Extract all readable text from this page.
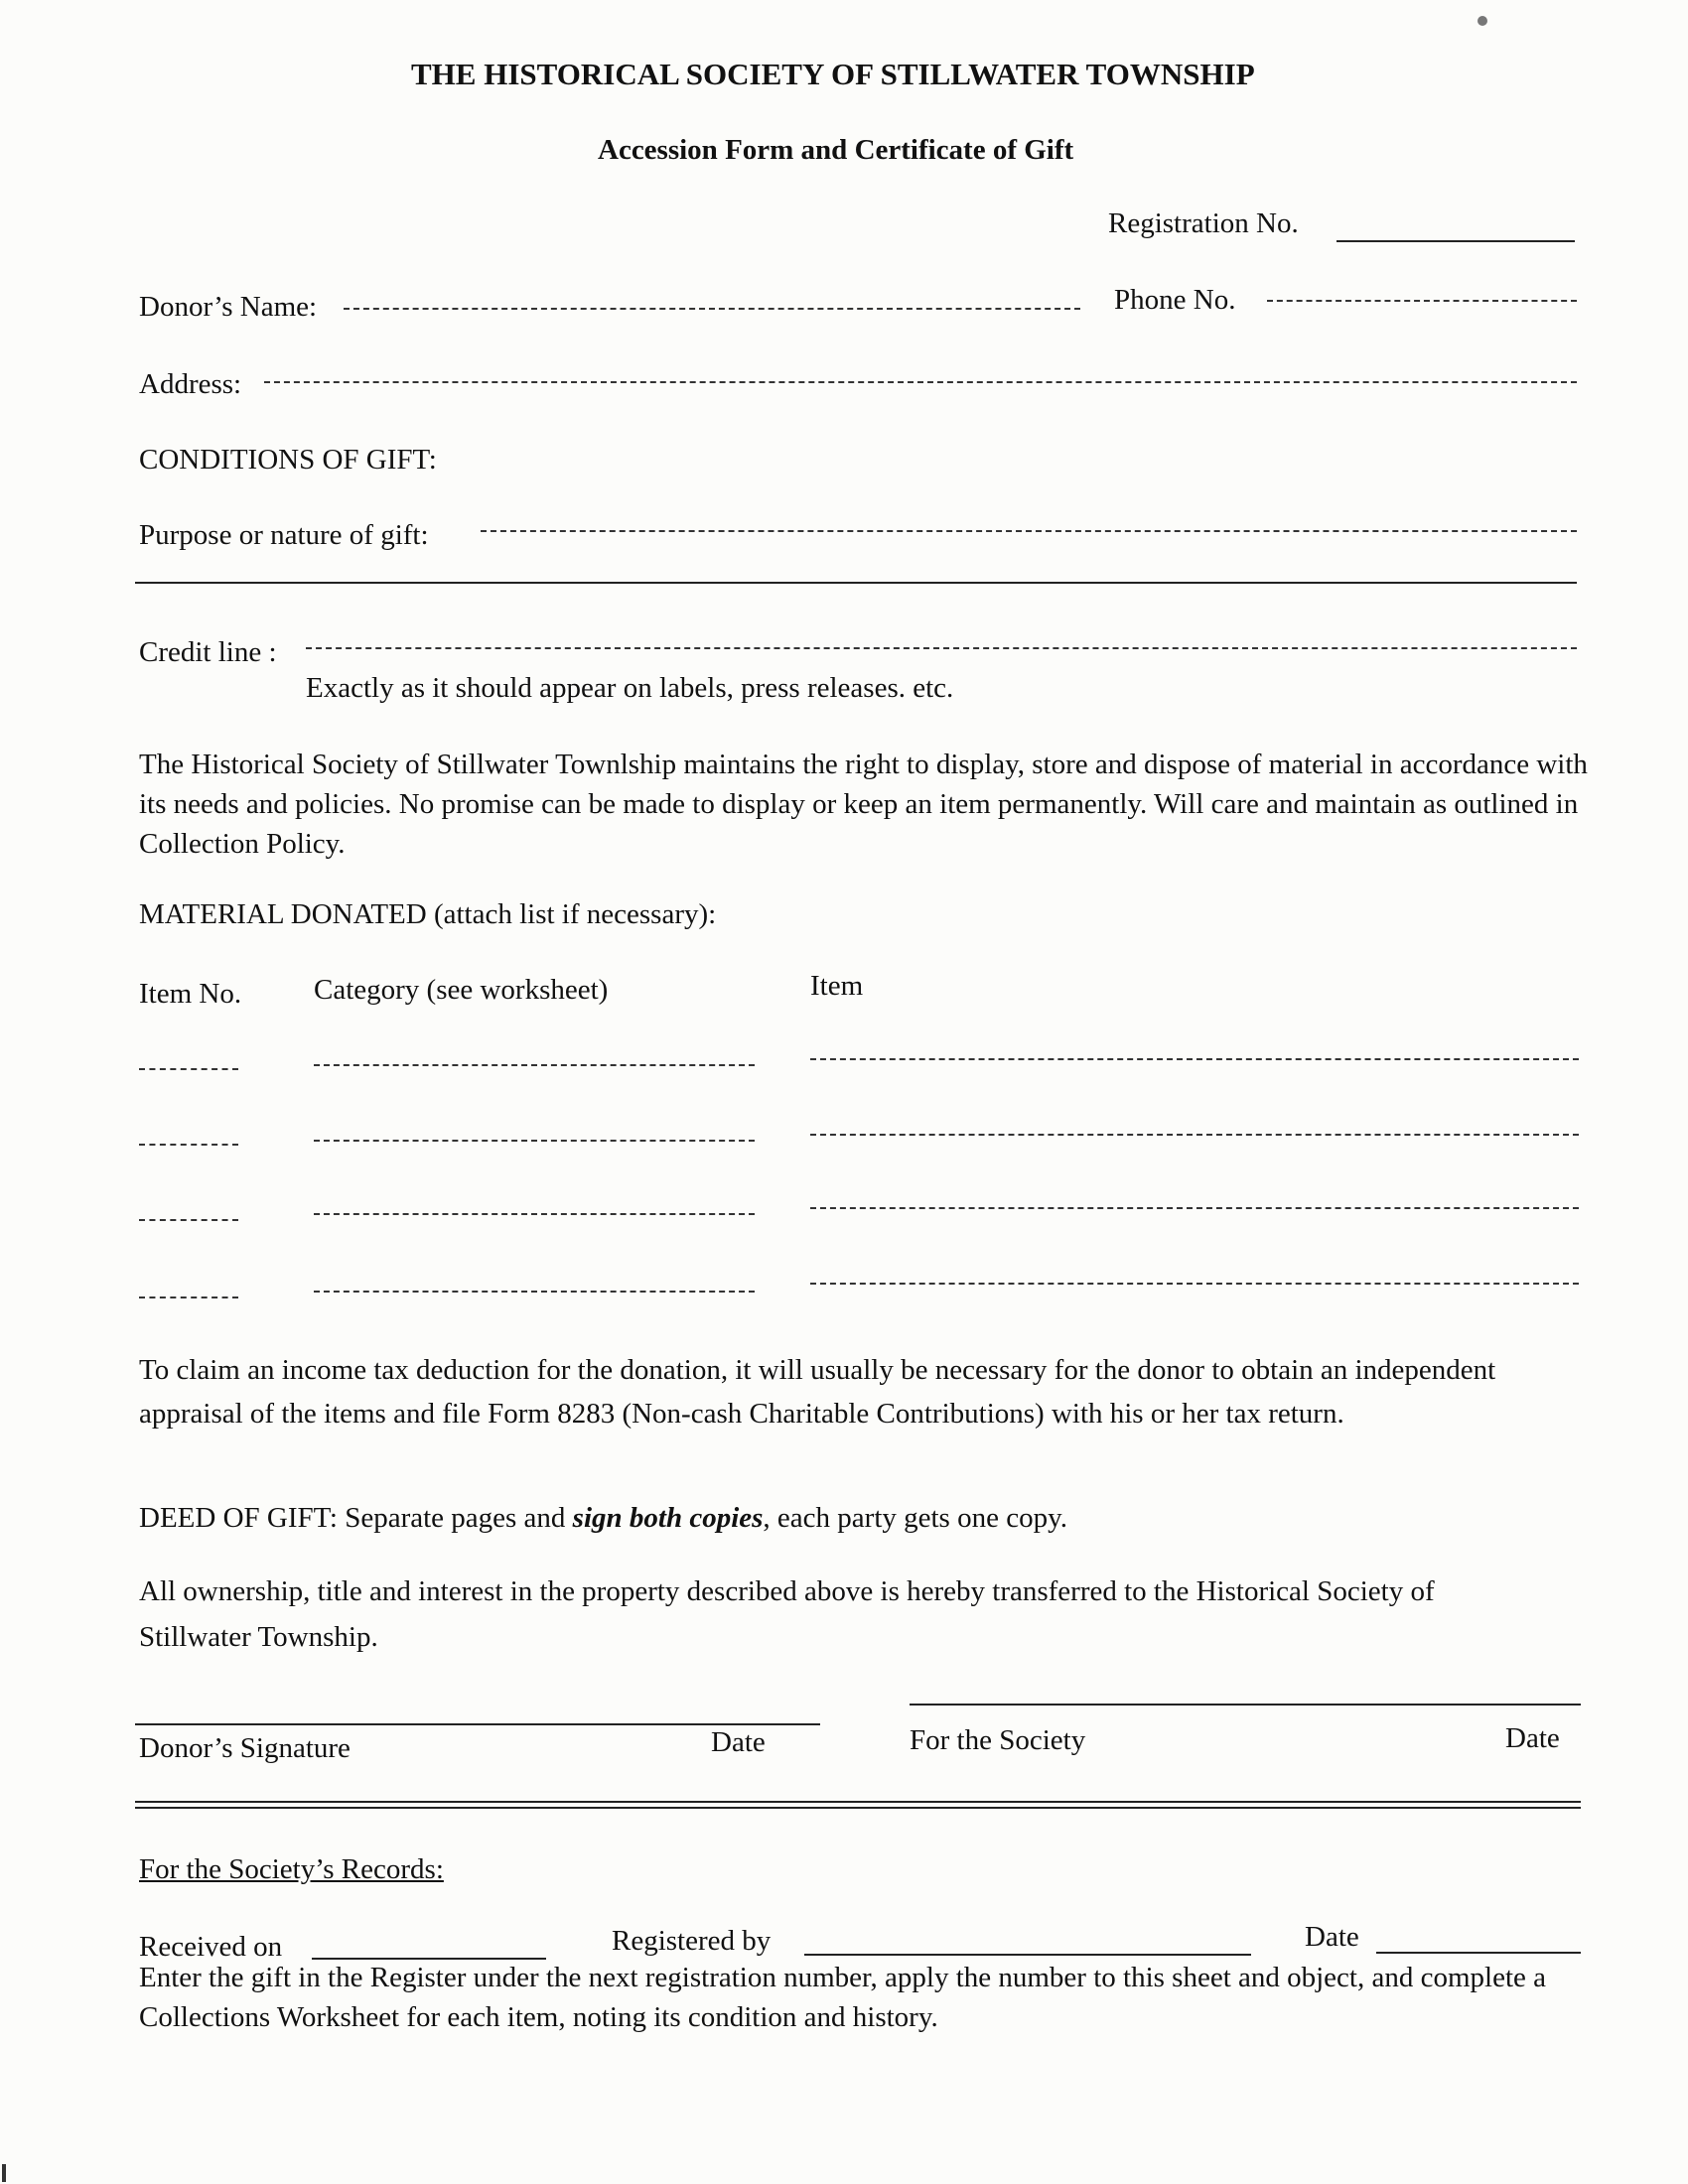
THE HISTORICAL SOCIETY OF STILLWATER TOWNSHIP
Accession Form and Certificate of Gift
Registration No.
Donor’s Name:	Phone No.
Address:
CONDITIONS OF GIFT:
Purpose or nature of gift:
Credit line :
Exactly as it should appear on labels, press releases. etc.
The Historical Society of Stillwater Townlship maintains the right to display, store and dispose of material in accordance with its needs and policies. No promise can be made to display or keep an item permanently. Will care and maintain as outlined in Collection Policy.
MATERIAL DONATED (attach list if necessary):
Item No.	Category (see worksheet)	Item
To claim an income tax deduction for the donation, it will usually be necessary for the donor to obtain an independent appraisal of the items and file Form 8283 (Non-cash Charitable Contributions) with his or her tax return.
DEED OF GIFT: Separate pages and sign both copies, each party gets one copy.
All ownership, title and interest in the property described above is hereby transferred to the Historical Society of Stillwater Township.
Donor’s Signature	Date	For the Society	Date
For the Society’s Records:
Received on	Registered by	Date
Enter the gift in the Register under the next registration number, apply the number to this sheet and object, and complete a Collections Worksheet for each item, noting its condition and history.
